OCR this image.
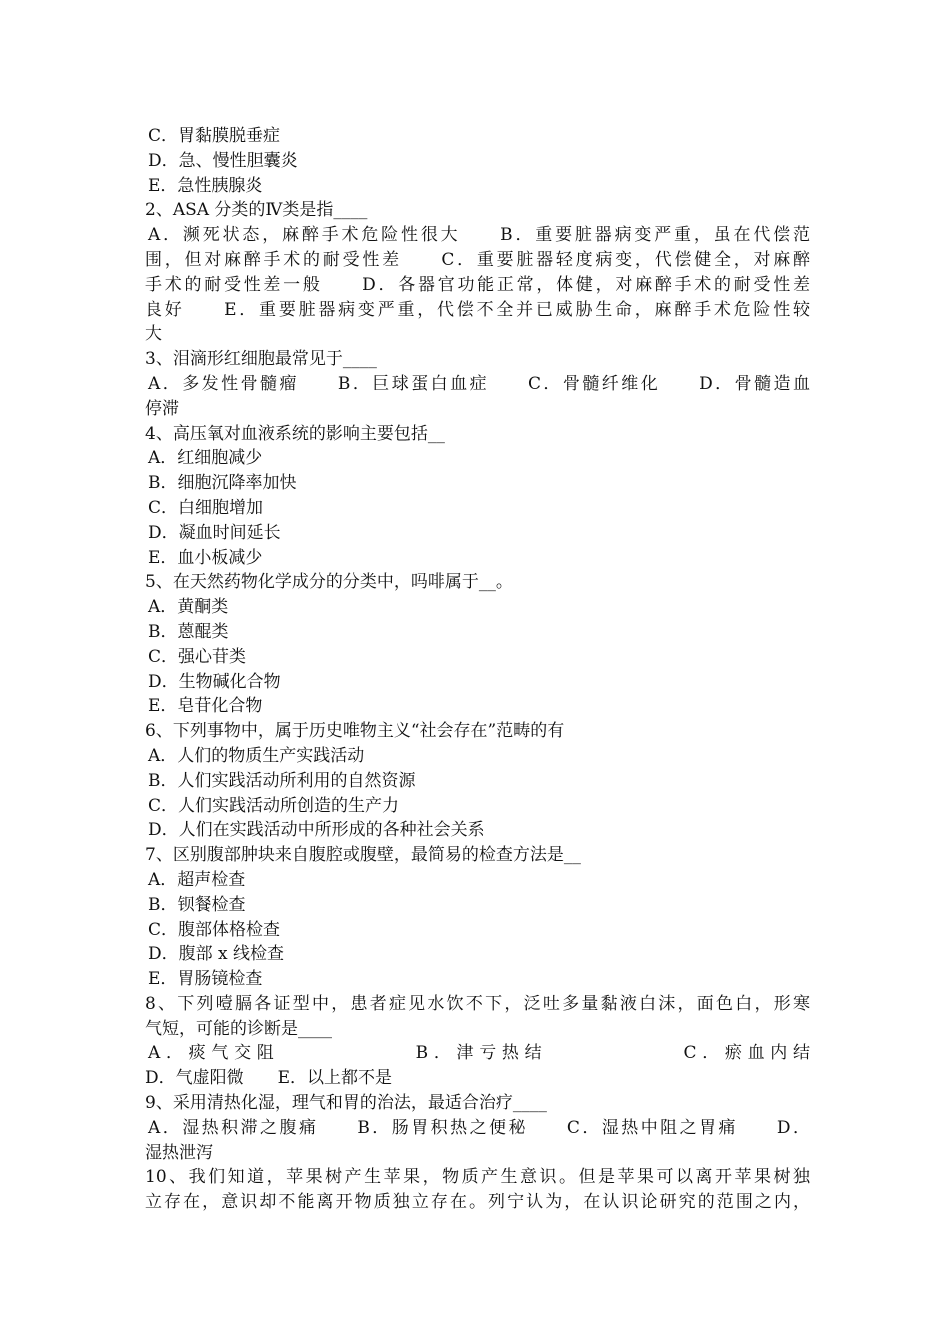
C．胃黏膜脱垂症
D．急、慢性胆囊炎
E．急性胰腺炎
2、ASA 分类的Ⅳ类是指____
A．濒死状态，麻醉手术危险性很大　　B．重要脏器病变严重，虽在代偿范
围，但对麻醉手术的耐受性差　　C．重要脏器轻度病变，代偿健全，对麻醉
手术的耐受性差一般　　D．各器官功能正常，体健，对麻醉手术的耐受性差
良好　　E．重要脏器病变严重，代偿不全并已威胁生命，麻醉手术危险性较
大
3、泪滴形红细胞最常见于____
A．多发性骨髓瘤　　B．巨球蛋白血症　　C．骨髓纤维化　　D．骨髓造血
停滞
4、高压氧对血液系统的影响主要包括__
A．红细胞减少
B．细胞沉降率加快
C．白细胞增加
D．凝血时间延长
E．血小板减少
5、在天然药物化学成分的分类中，吗啡属于__。
A．黄酮类
B．蒽醌类
C．强心苷类
D．生物碱化合物
E．皂苷化合物
6、下列事物中，属于历史唯物主义“社会存在”范畴的有
A．人们的物质生产实践活动
B．人们实践活动所利用的自然资源
C．人们实践活动所创造的生产力
D．人们在实践活动中所形成的各种社会关系
7、区别腹部肿块来自腹腔或腹壁，最简易的检查方法是__
A．超声检查
B．钡餐检查
C．腹部体格检查
D．腹部 x 线检查
E．胃肠镜检查
8、下列噎膈各证型中，患者症见水饮不下，泛吐多量黏液白沫，面色白，形寒
气短，可能的诊断是____
A．痰气交阻　　　　　　B．津亏热结　　　　　　C．瘀血内结
D．气虚阳微　　E．以上都不是
9、采用清热化湿，理气和胃的治法，最适合治疗____
A．湿热积滞之腹痛　　B．肠胃积热之便秘　　C．湿热中阻之胃痛　　D．
湿热泄泻
10、我们知道，苹果树产生苹果，物质产生意识。但是苹果可以离开苹果树独
立存在，意识却不能离开物质独立存在。列宁认为，在认识论研究的范围之内，
